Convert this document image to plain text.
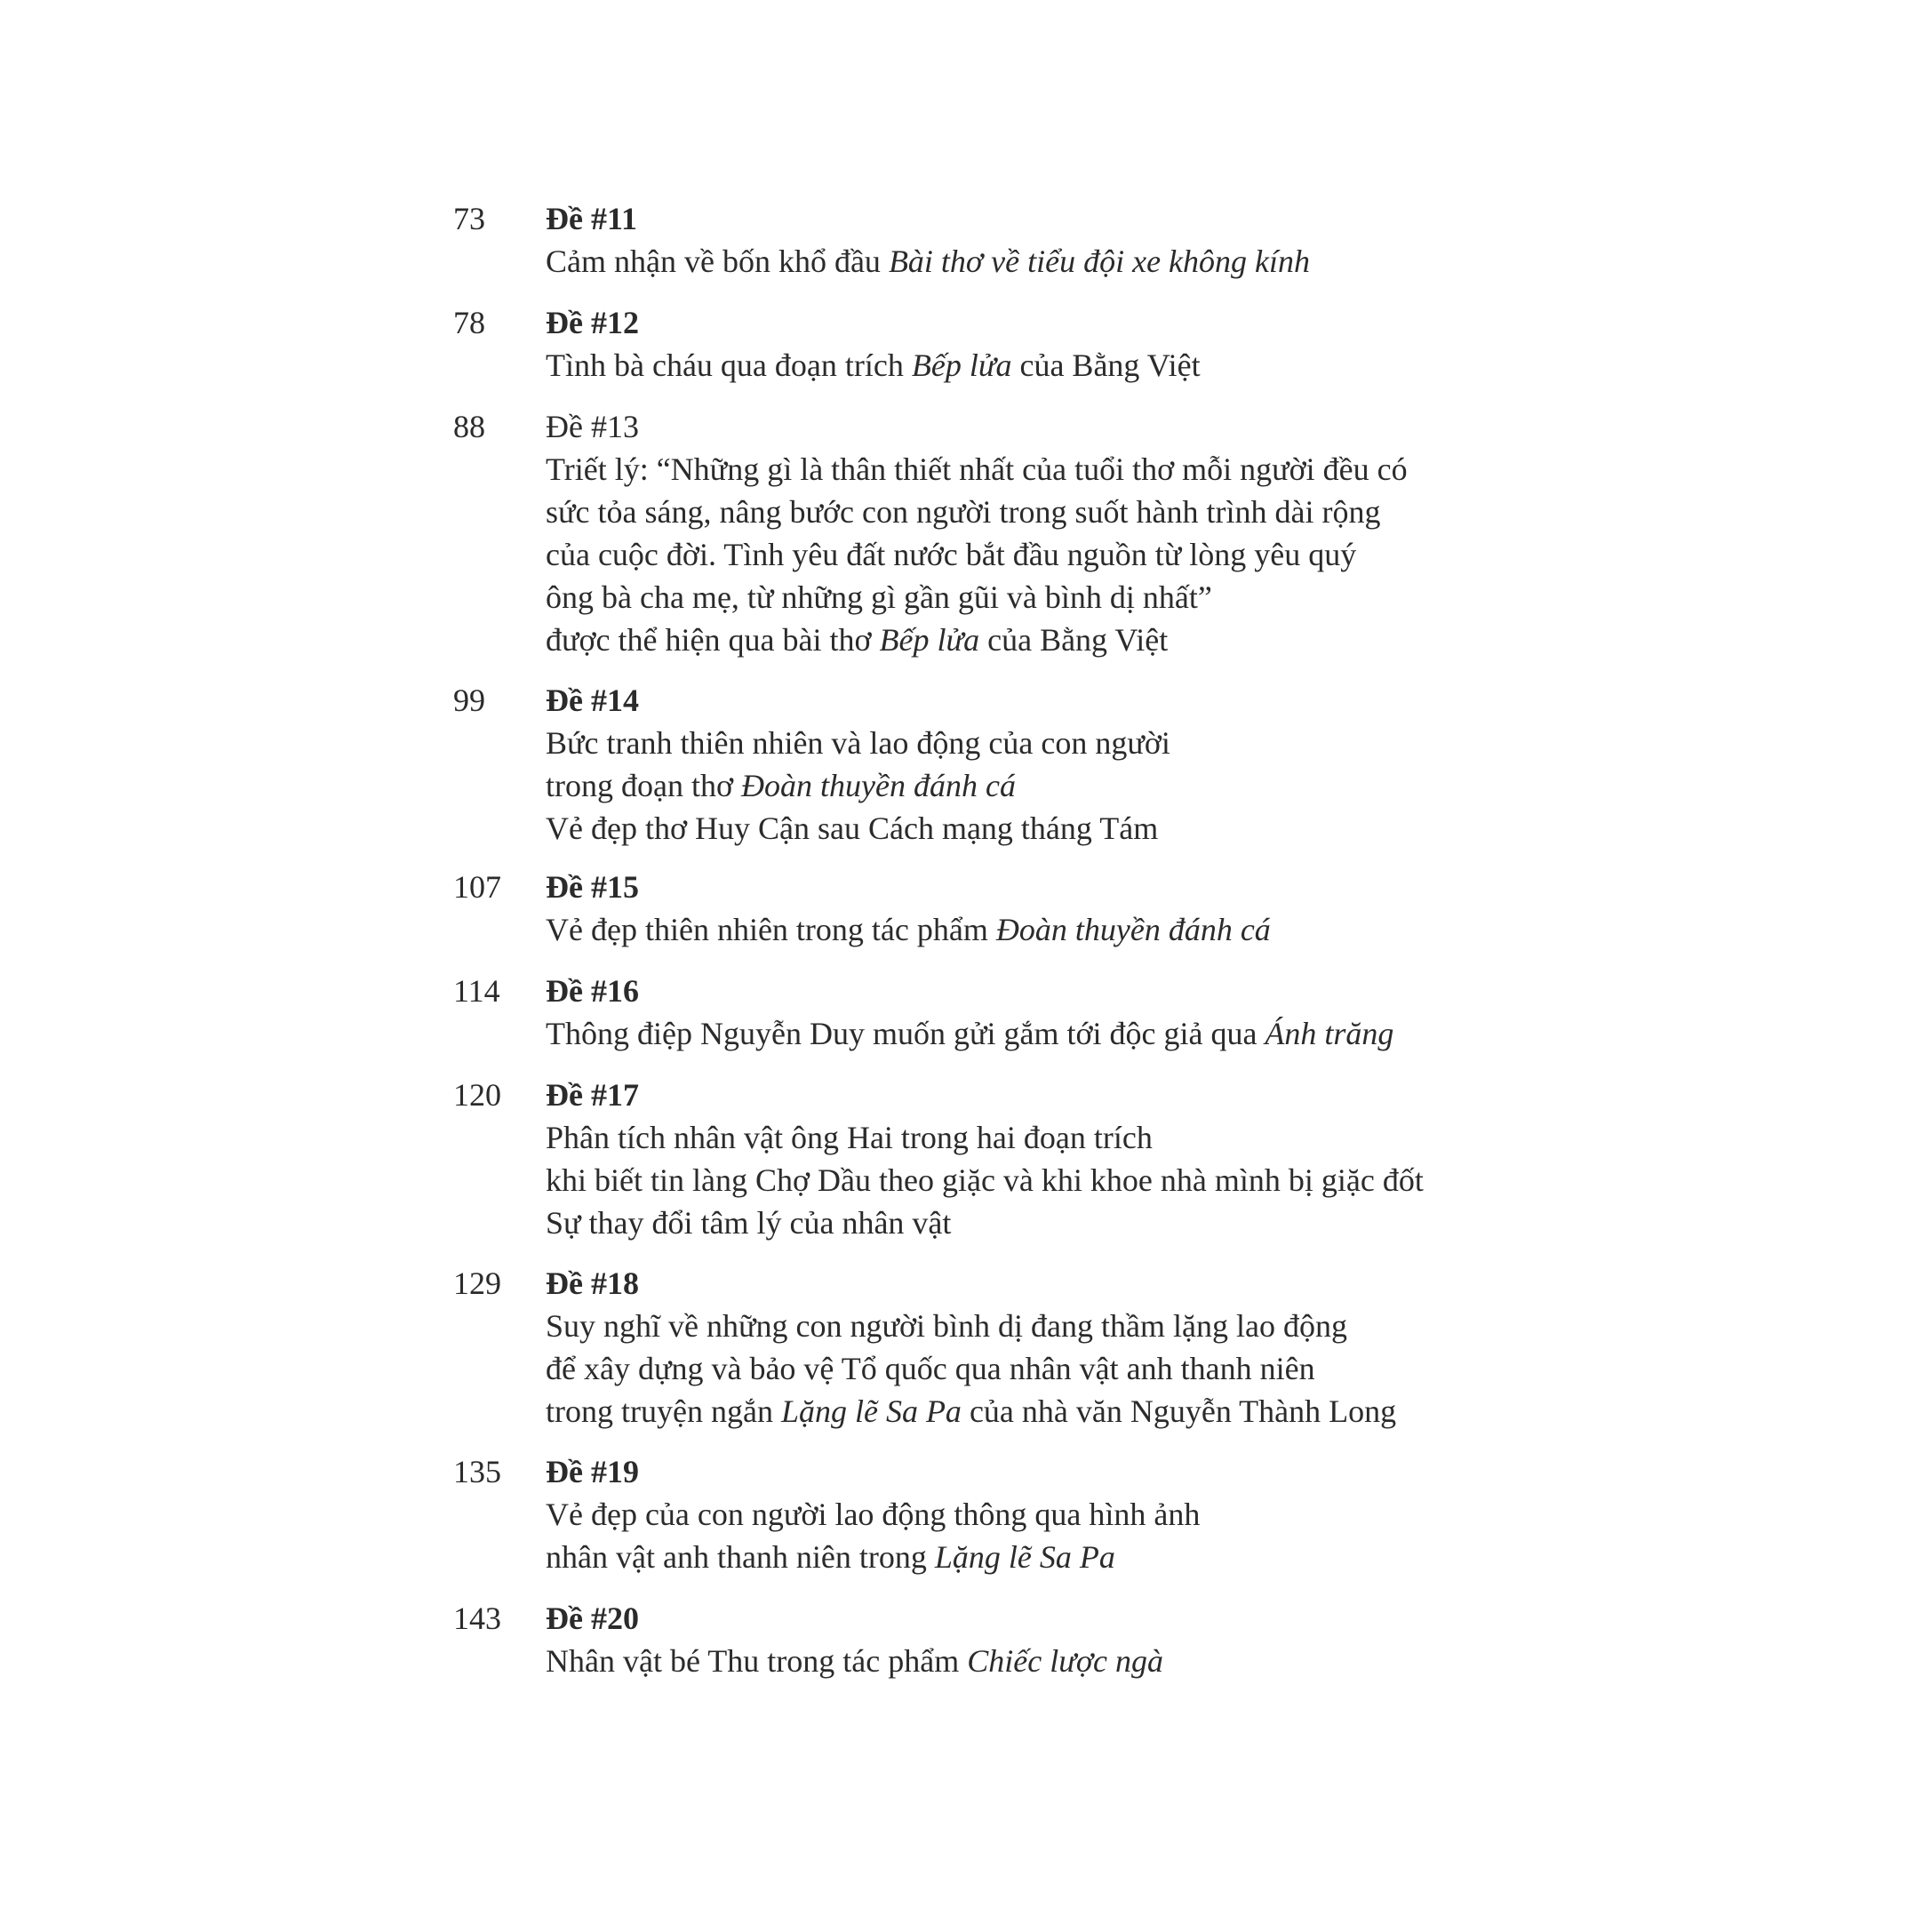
73	Đề #11
Cảm nhận về bốn khổ đầu Bài thơ về tiểu đội xe không kính
78	Đề #12
Tình bà cháu qua đoạn trích Bếp lửa của Bằng Việt
88	Đề #13
Triết lý: “Những gì là thân thiết nhất của tuổi thơ mỗi người đều có
sức tỏa sáng, nâng bước con người trong suốt hành trình dài rộng
của cuộc đời. Tình yêu đất nước bắt đầu nguồn từ lòng yêu quý
ông bà cha mẹ, từ những gì gần gũi và bình dị nhất”
được thể hiện qua bài thơ Bếp lửa của Bằng Việt
99	Đề #14
Bức tranh thiên nhiên và lao động của con người
trong đoạn thơ Đoàn thuyền đánh cá
Vẻ đẹp thơ Huy Cận sau Cách mạng tháng Tám
107	Đề #15
Vẻ đẹp thiên nhiên trong tác phẩm Đoàn thuyền đánh cá
114	Đề #16
Thông điệp Nguyễn Duy muốn gửi gắm tới độc giả qua Ánh trăng
120	Đề #17
Phân tích nhân vật ông Hai trong hai đoạn trích
khi biết tin làng Chợ Dầu theo giặc và khi khoe nhà mình bị giặc đốt
Sự thay đổi tâm lý của nhân vật
129	Đề #18
Suy nghĩ về những con người bình dị đang thầm lặng lao động
để xây dựng và bảo vệ Tổ quốc qua nhân vật anh thanh niên
trong truyện ngắn Lặng lẽ Sa Pa của nhà văn Nguyễn Thành Long
135	Đề #19
Vẻ đẹp của con người lao động thông qua hình ảnh
nhân vật anh thanh niên trong Lặng lẽ Sa Pa
143	Đề #20
Nhân vật bé Thu trong tác phẩm Chiếc lược ngà
